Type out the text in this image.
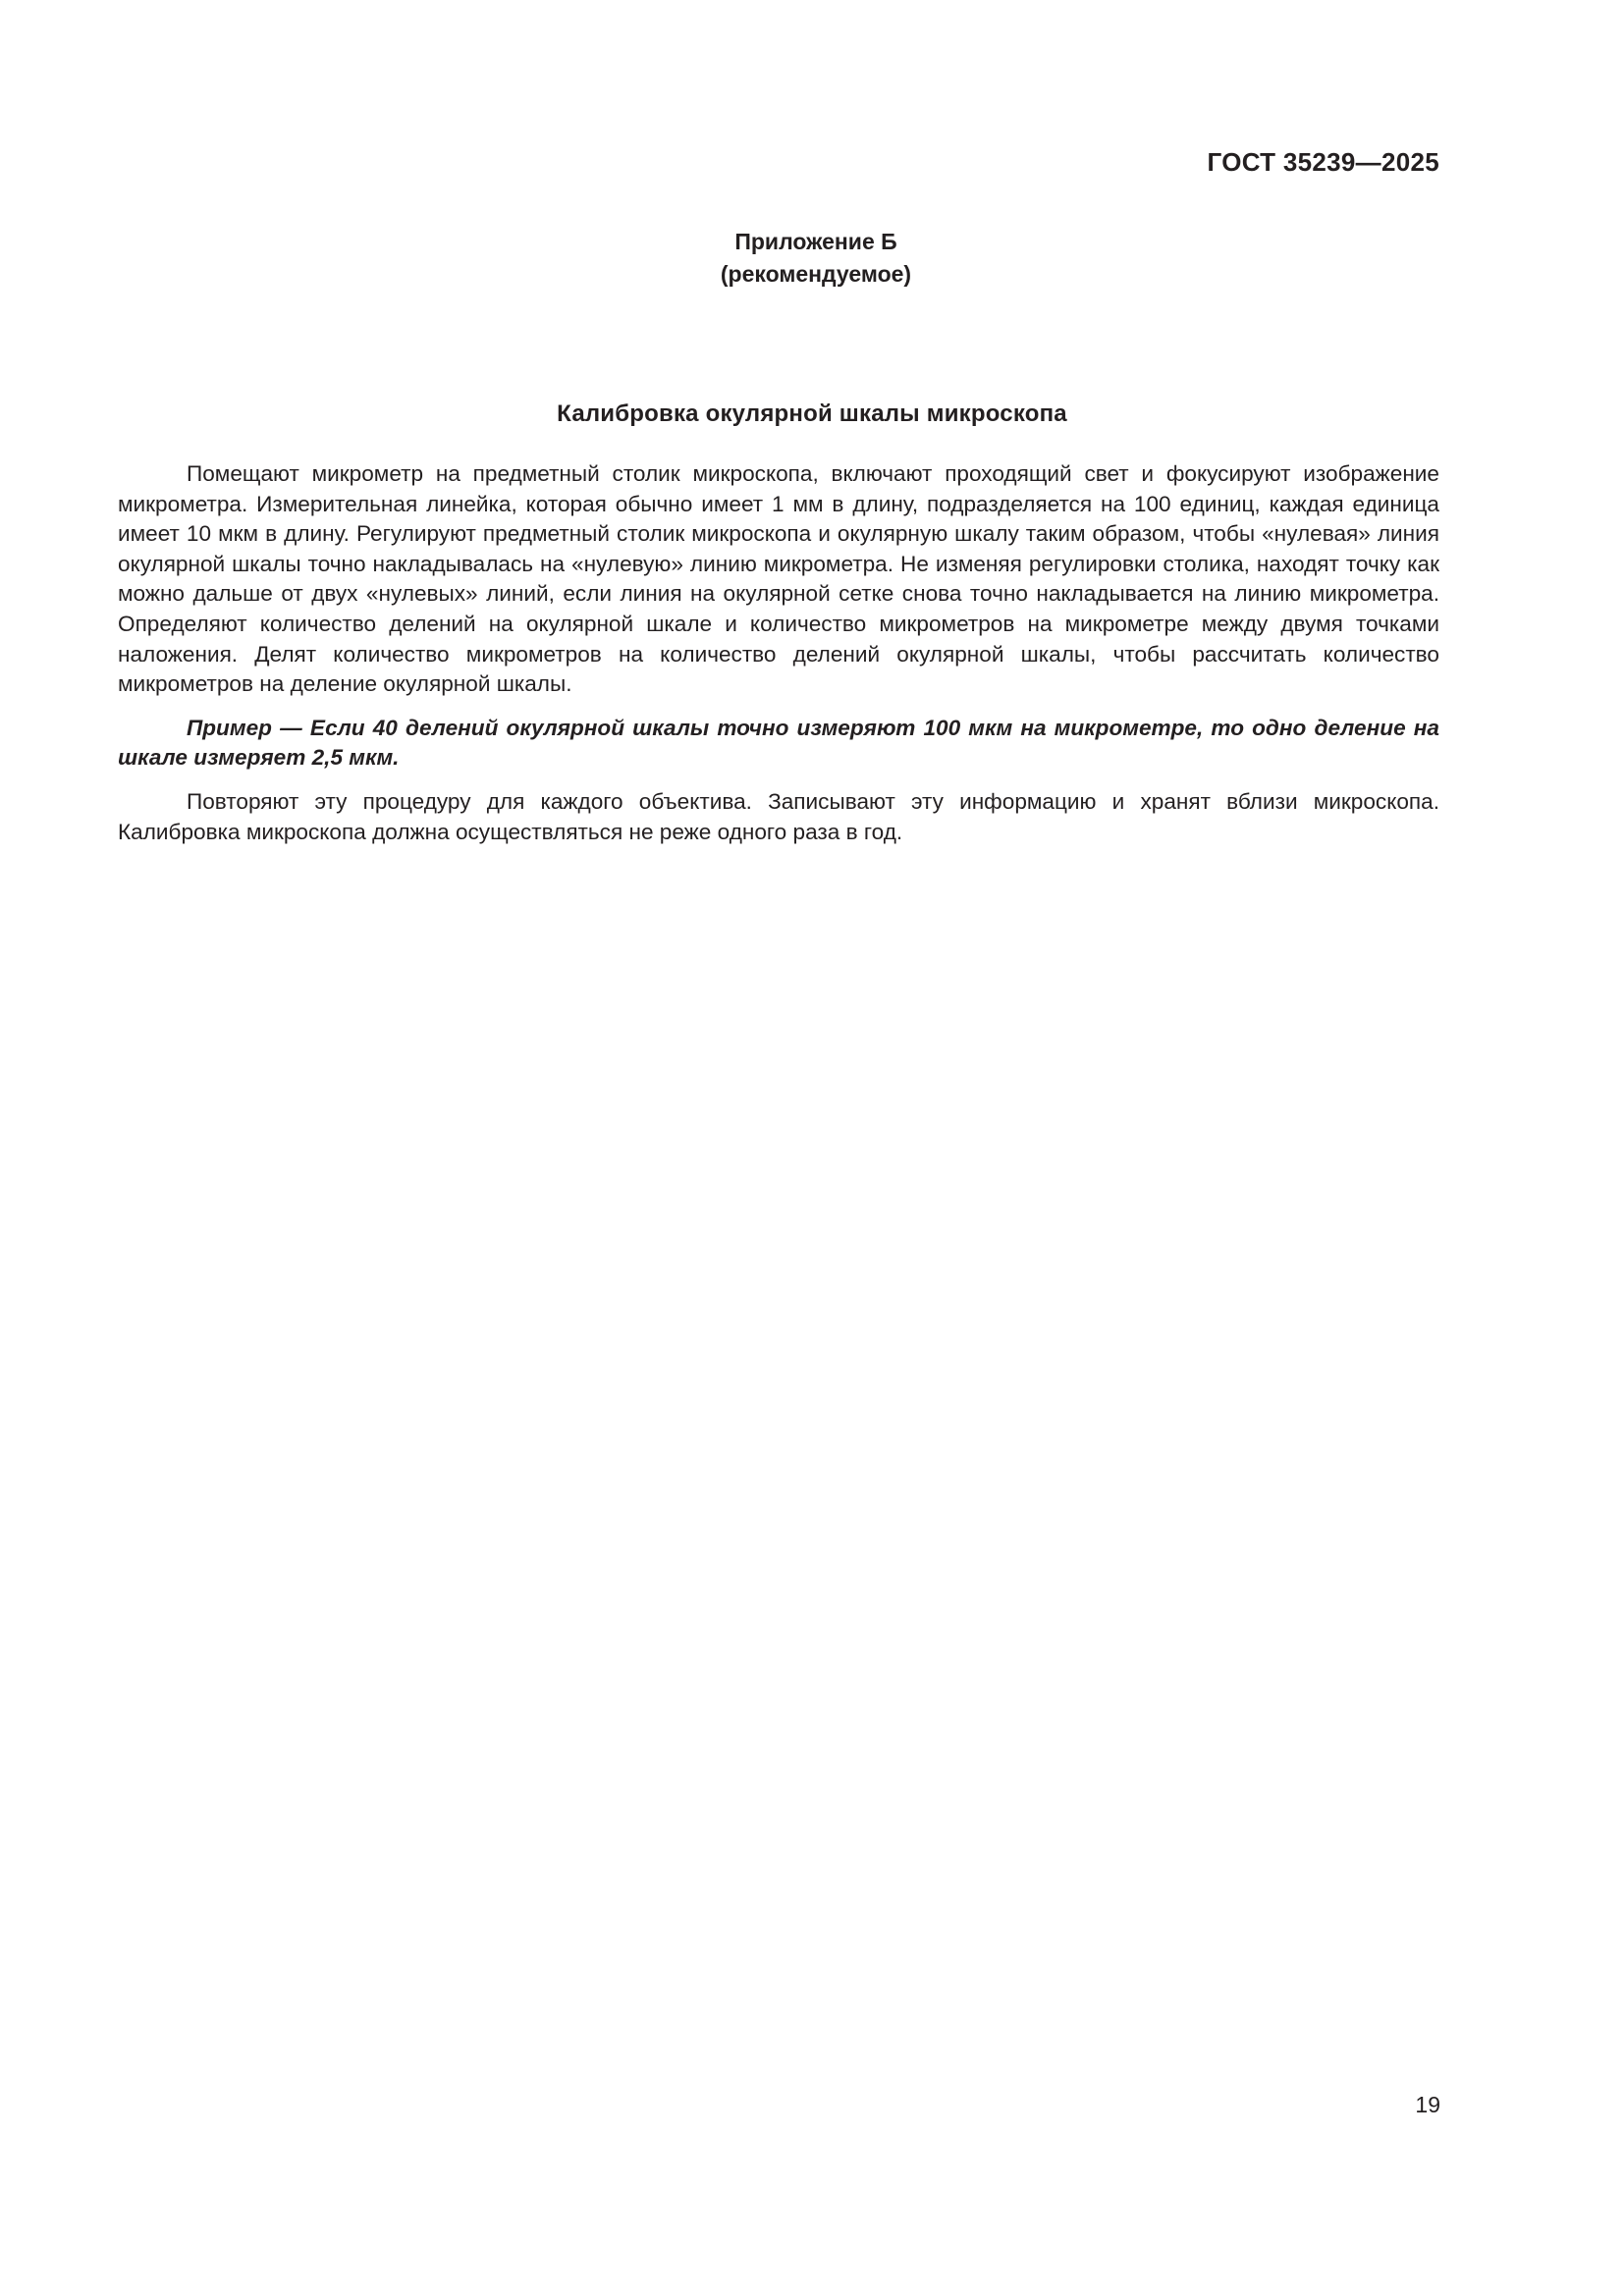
ГОСТ 35239—2025

Приложение Б
(рекомендуемое)
Калибровка окулярной шкалы микроскопа

Помещают микрометр на предметный столик микроскопа, включают проходящий свет и фокусируют изображение микрометра. Измерительная линейка, которая обычно имеет 1 мм в длину, подразделяется на 100 единиц, каждая единица имеет 10 мкм в длину. Регулируют предметный столик микроскопа и окулярную шкалу таким образом, чтобы «нулевая» линия окулярной шкалы точно накладывалась на «нулевую» линию микрометра. Не изменяя регулировки столика, находят точку как можно дальше от двух «нулевых» линий, если линия на окулярной сетке снова точно накладывается на линию микрометра. Определяют количество делений на окулярной шкале и количество микрометров на микрометре между двумя точками наложения. Делят количество микрометров на количество делений окулярной шкалы, чтобы рассчитать количество микрометров на деление окулярной шкалы.

Пример — Если 40 делений окулярной шкалы точно измеряют 100 мкм на микрометре, то одно деление на шкале измеряет 2,5 мкм.

Повторяют эту процедуру для каждого объектива. Записывают эту информацию и хранят вблизи микроскопа. Калибровка микроскопа должна осуществляться не реже одного раза в год.

19
